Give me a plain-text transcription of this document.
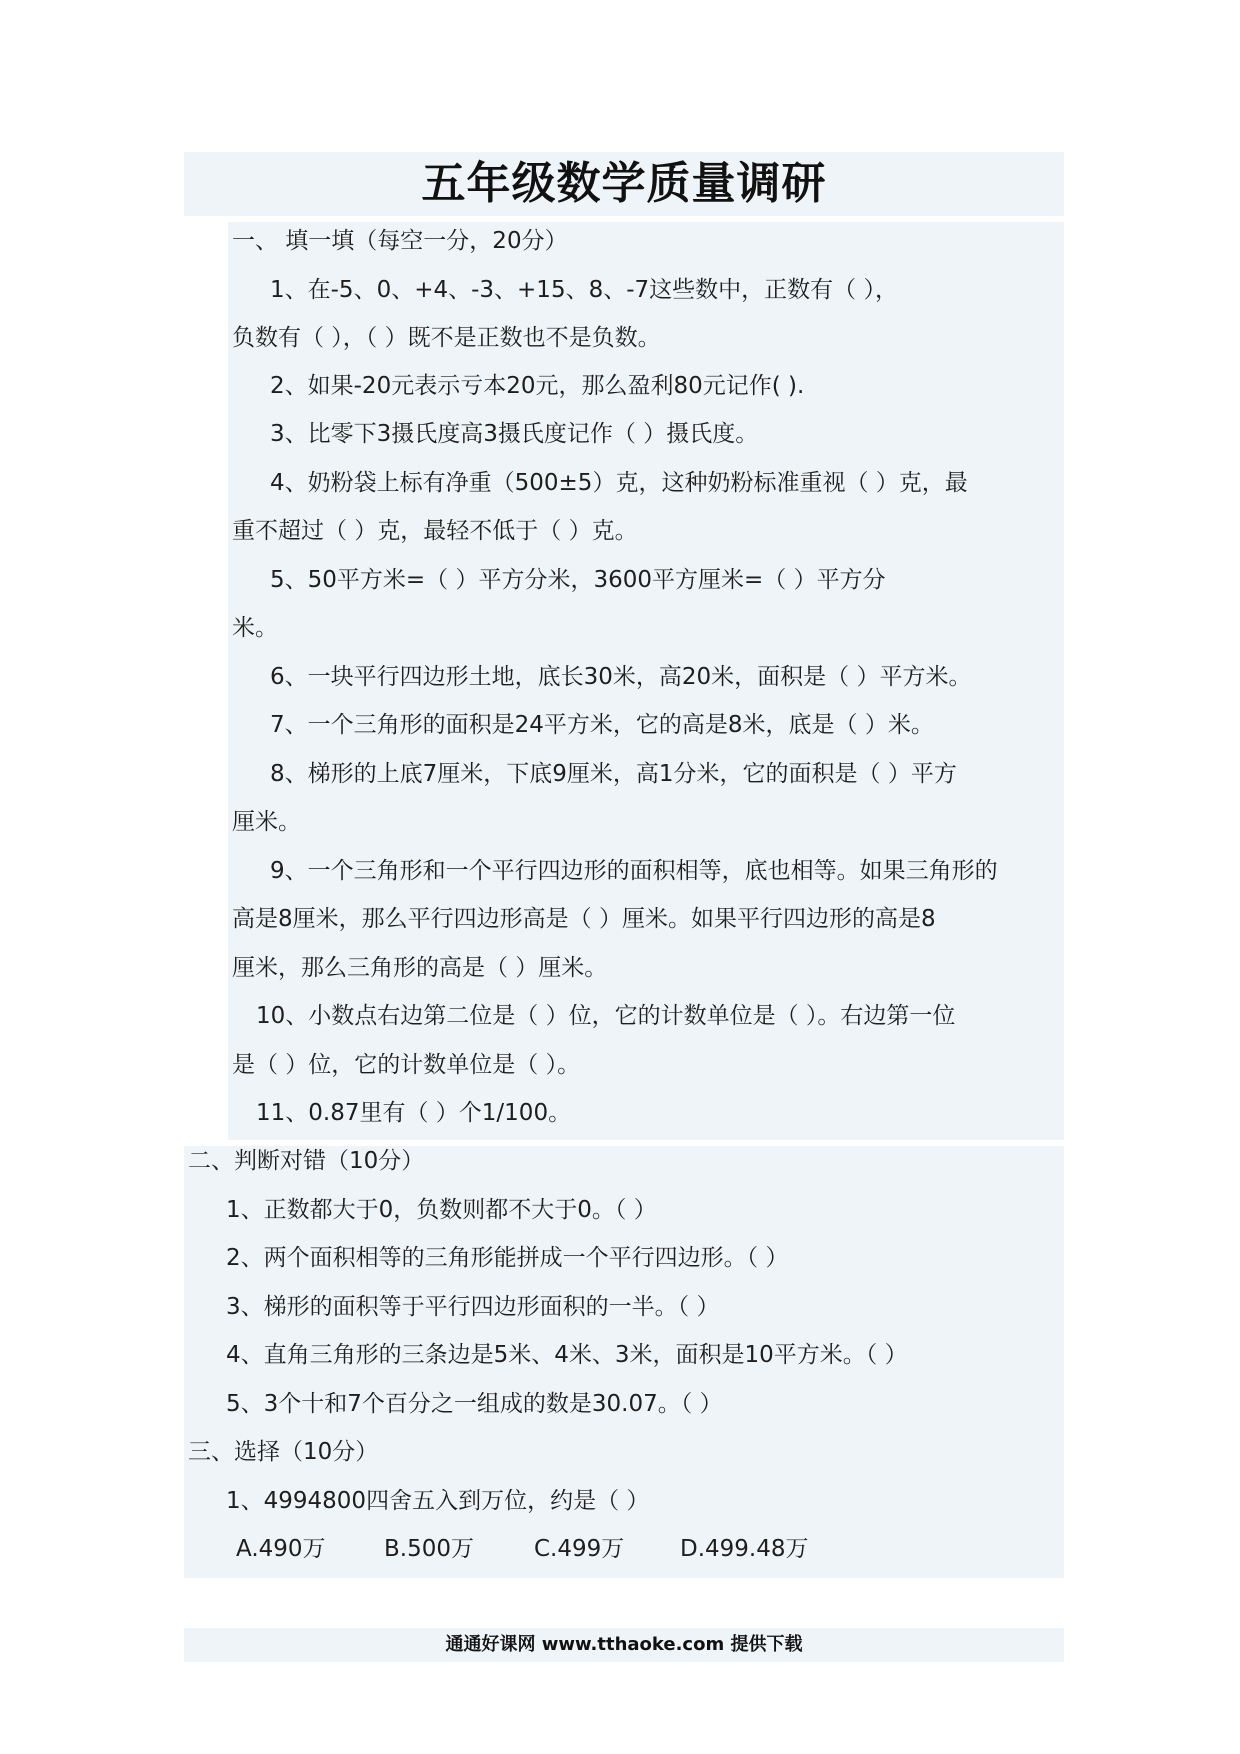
五年级数学质量调研
一、 填一填（每空一分，20分）
1、在-5、0、+4、-3、+15、8、-7这些数中，正数有（ ），
负数有（ ），（ ）既不是正数也不是负数。
2、如果-20元表示亏本20元，那么盈利80元记作( ).
3、比零下3摄氏度高3摄氏度记作（ ）摄氏度。
4、奶粉袋上标有净重（500±5）克，这种奶粉标准重视（ ）克，最
重不超过（ ）克，最轻不低于（ ）克。
5、50平方米=（ ）平方分米，3600平方厘米=（ ）平方分
米。
6、一块平行四边形土地，底长30米，高20米，面积是（ ）平方米。
7、一个三角形的面积是24平方米，它的高是8米，底是（ ）米。
8、梯形的上底7厘米，下底9厘米，高1分米，它的面积是（ ）平方
厘米。
9、一个三角形和一个平行四边形的面积相等，底也相等。如果三角形的
高是8厘米，那么平行四边形高是（ ）厘米。如果平行四边形的高是8
厘米，那么三角形的高是（ ）厘米。
10、小数点右边第二位是（ ）位，它的计数单位是（ ）。右边第一位
是（ ）位，它的计数单位是（ ）。
11、0.87里有（ ）个1/100。
二、判断对错（10分）
1、正数都大于0，负数则都不大于0。（ ）
2、两个面积相等的三角形能拼成一个平行四边形。（ ）
3、梯形的面积等于平行四边形面积的一半。（ ）
4、直角三角形的三条边是5米、4米、3米，面积是10平方米。（ ）
5、3个十和7个百分之一组成的数是30.07。（ ）
三、选择（10分）
1、4994800四舍五入到万位，约是（ ）
A.490万	B.500万	C.499万 D.499.48万
通通好课网 www.tthaoke.com 提供下载
